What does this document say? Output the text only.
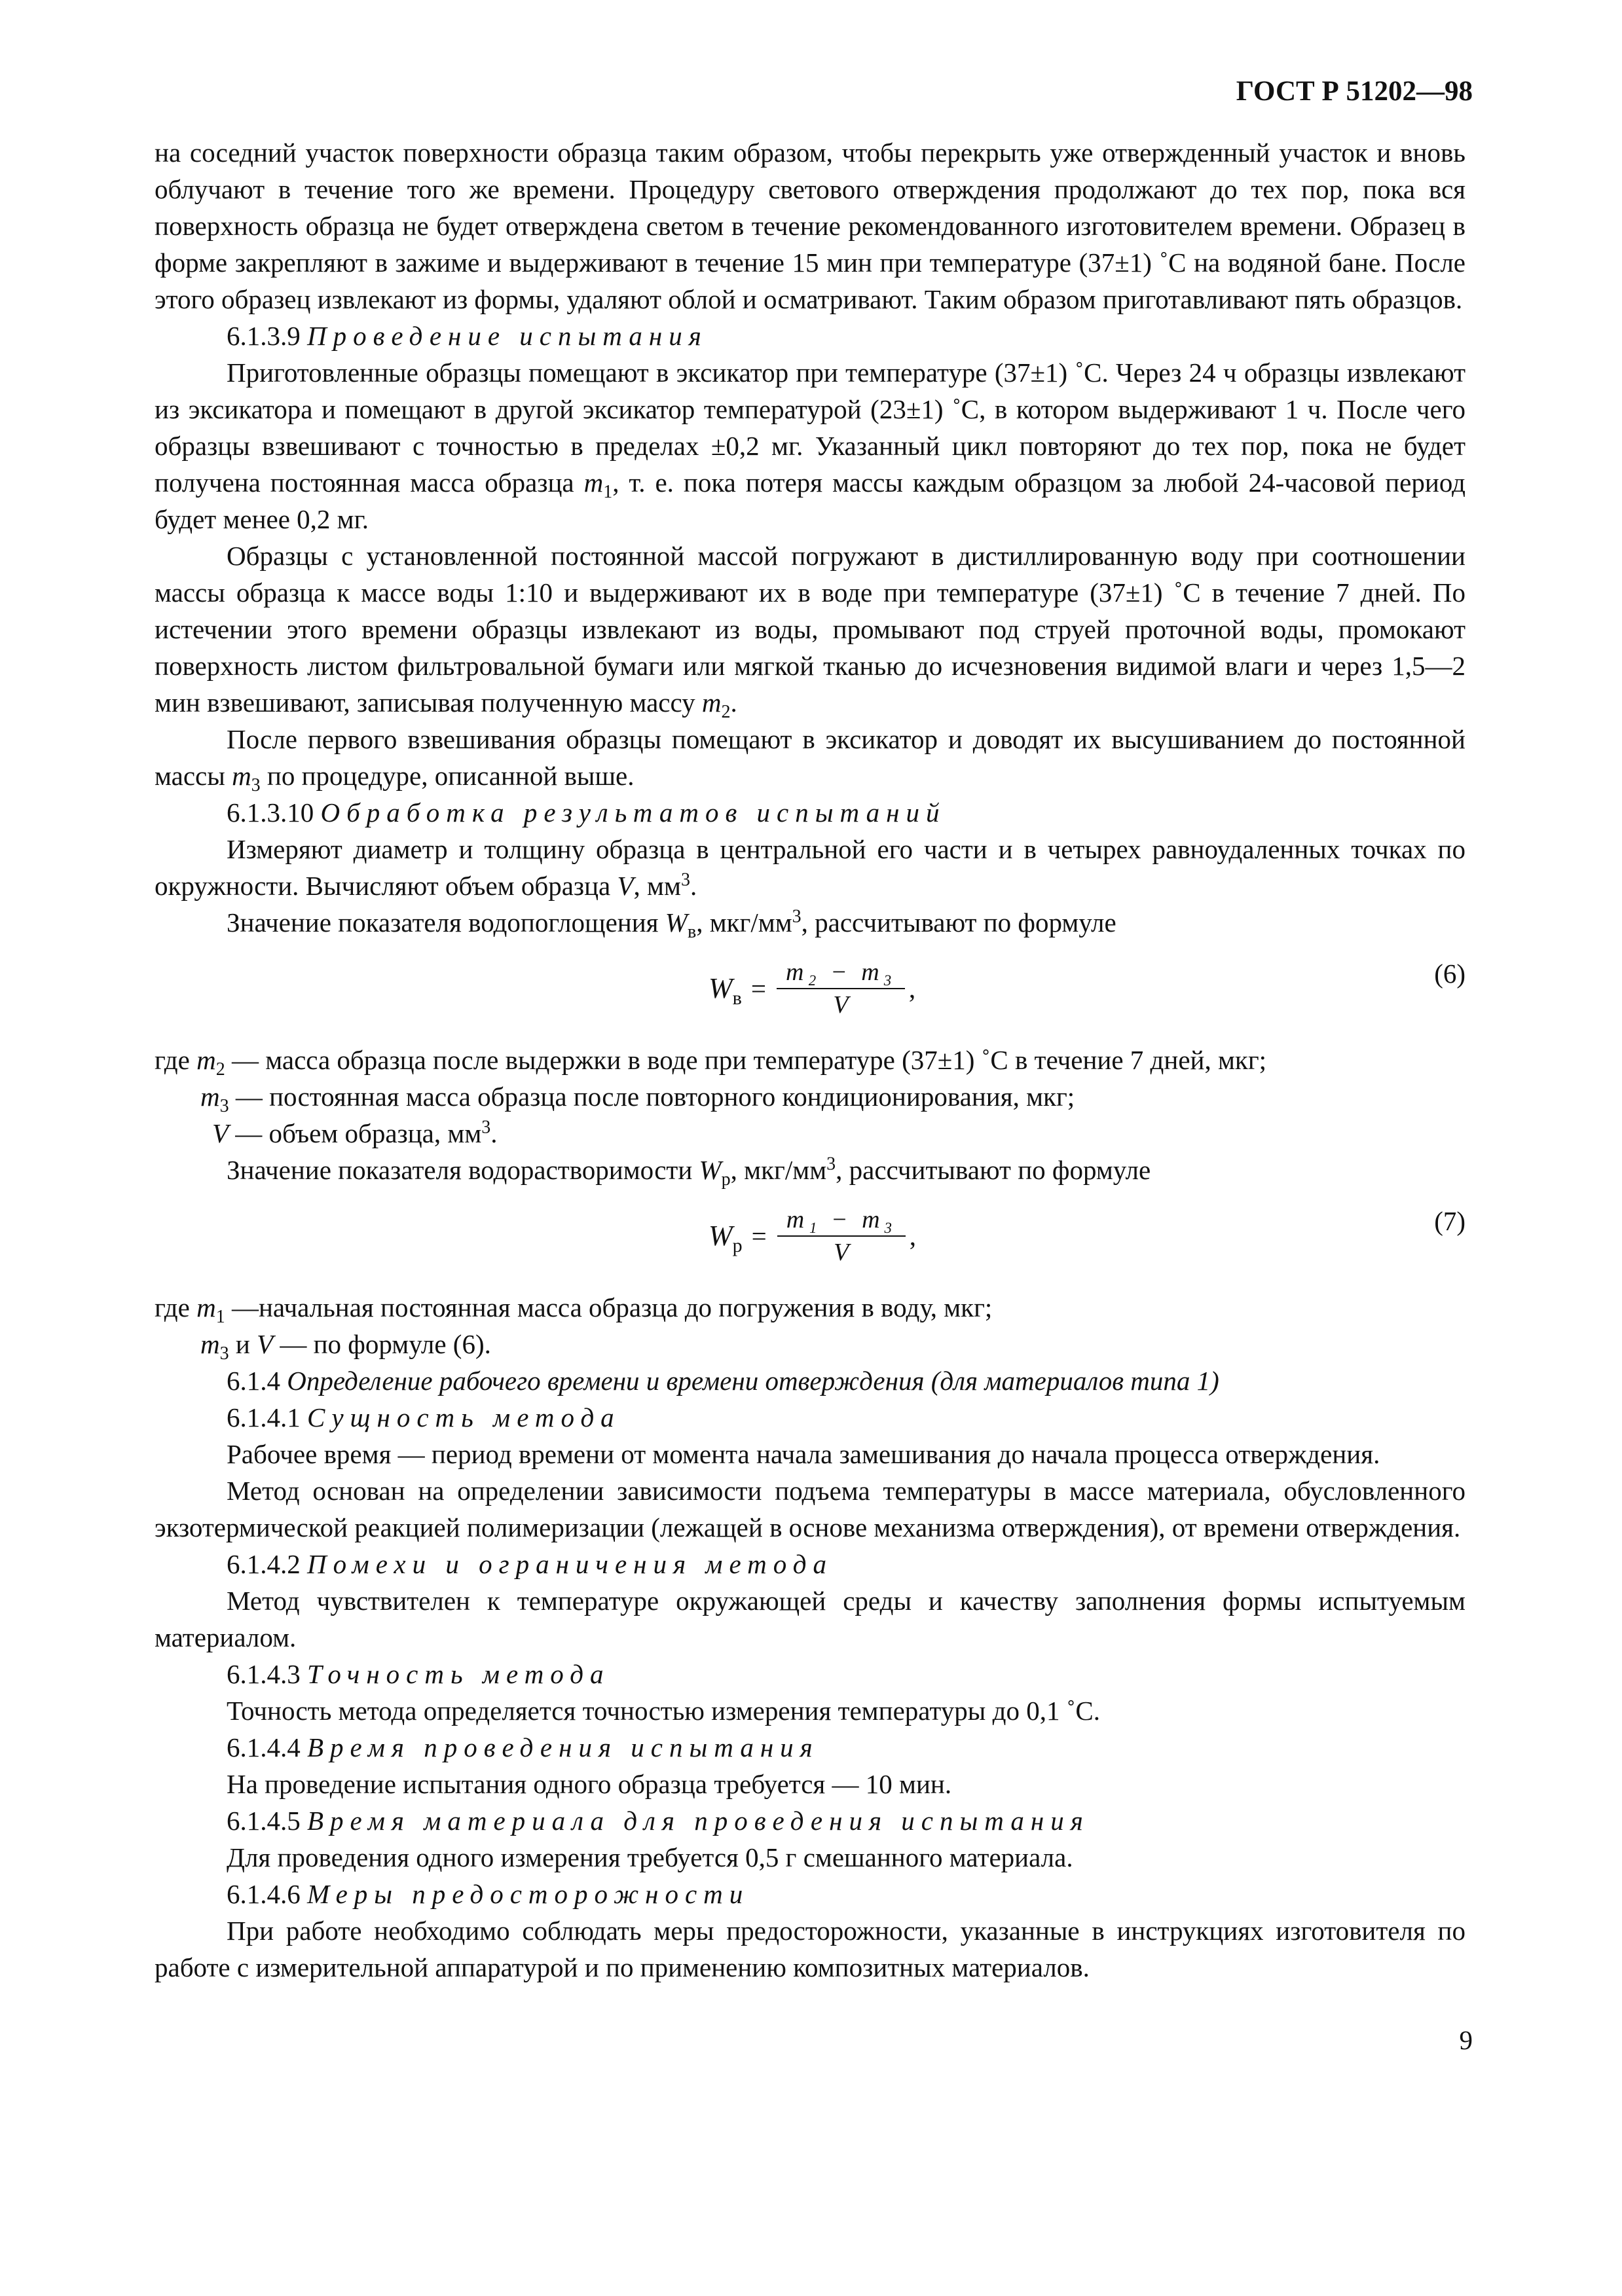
ГОСТ Р 51202—98

на соседний участок поверхности образца таким образом, чтобы перекрыть уже отвержденный участок и вновь облучают в течение того же времени. Процедуру светового отверждения продолжают до тех пор, пока вся поверхность образца не будет отверждена светом в течение рекомендованного изготовителем времени. Образец в форме закрепляют в зажиме и выдерживают в течение 15 мин при температуре (37±1) ˚С на водяной бане. После этого образец извлекают из формы, удаляют облой и осматривают. Таким образом приготавливают пять образцов.

6.1.3.9 Проведение испытания

Приготовленные образцы помещают в эксикатор при температуре (37±1) ˚С. Через 24 ч образцы извлекают из эксикатора и помещают в другой эксикатор температурой (23±1) ˚С, в котором выдерживают 1 ч. После чего образцы взвешивают с точностью в пределах ±0,2 мг. Указанный цикл повторяют до тех пор, пока не будет получена постоянная масса образца $m_1$, т. е. пока потеря массы каждым образцом за любой 24-часовой период будет менее 0,2 мг.

Образцы с установленной постоянной массой погружают в дистиллированную воду при соотношении массы образца к массе воды 1:10 и выдерживают их в воде при температуре (37±1) ˚С в течение 7 дней. По истечении этого времени образцы извлекают из воды, промывают под струей проточной воды, промокают поверхность листом фильтровальной бумаги или мягкой тканью до исчезновения видимой влаги и через 1,5—2 мин взвешивают, записывая полученную массу $m_2$.

После первого взвешивания образцы помещают в эксикатор и доводят их высушиванием до постоянной массы $m_3$ по процедуре, описанной выше.

6.1.3.10 Обработка результатов испытаний

Измеряют диаметр и толщину образца в центральной его части и в четырех равноудаленных точках по окружности. Вычисляют объем образца V, $мм^3$.

Значение показателя водопоглощения $W_в$, мкг/$мм^3$, рассчитывают по формуле

$W_в = \frac{\text{m₂ − m₃}}{V}$ ,	(6)

где $m_2$ — масса образца после выдержки в воде при температуре (37±1) ˚С в течение 7 дней, мкг;

$m_3$ — постоянная масса образца после повторного кондиционирования, мкг;

V — объем образца, $мм^3$.

Значение показателя водорастворимости $W_р$, мкг/$мм^3$, рассчитывают по формуле

$W_р = \frac{\text{m₁ − m₃}}{V}$ ,	(7)

где $m_1$ —начальная постоянная масса образца до погружения в воду, мкг;

$m_3$ и V — по формуле (6).

6.1.4 Определение рабочего времени и времени отверждения (для материалов типа 1)

6.1.4.1 Сущность метода

Рабочее время — период времени от момента начала замешивания до начала процесса отверждения.

Метод основан на определении зависимости подъема температуры в массе материала, обусловленного экзотермической реакцией полимеризации (лежащей в основе механизма отверждения), от времени отверждения.

6.1.4.2 Помехи и ограничения метода

Метод чувствителен к температуре окружающей среды и качеству заполнения формы испытуемым материалом.

6.1.4.3 Точность метода

Точность метода определяется точностью измерения температуры до 0,1 ˚С.

6.1.4.4 Время проведения испытания

На проведение испытания одного образца требуется — 10 мин.

6.1.4.5 Время материала для проведения испытания

Для проведения одного измерения требуется 0,5 г смешанного материала.

6.1.4.6 Меры предосторожности

При работе необходимо соблюдать меры предосторожности, указанные в инструкциях изготовителя по работе с измерительной аппаратурой и по применению композитных материалов.

9
